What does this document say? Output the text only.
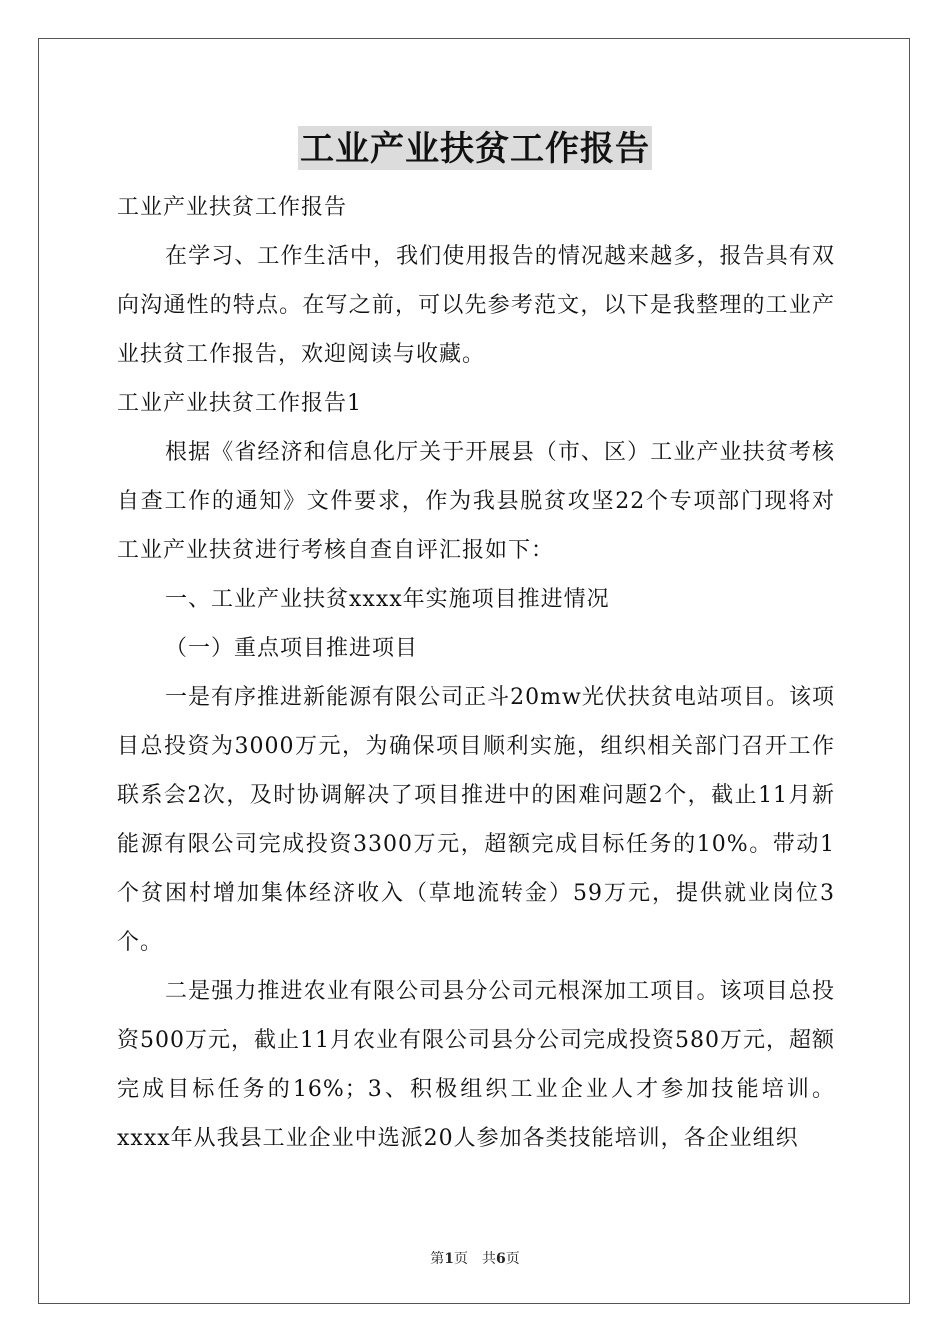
工业产业扶贫工作报告

工业产业扶贫工作报告

在学习、工作生活中，我们使用报告的情况越来越多，报告具有双向沟通性的特点。在写之前，可以先参考范文，以下是我整理的工业产业扶贫工作报告，欢迎阅读与收藏。

工业产业扶贫工作报告1

根据《省经济和信息化厅关于开展县（市、区）工业产业扶贫考核自查工作的通知》文件要求，作为我县脱贫攻坚22个专项部门现将对工业产业扶贫进行考核自查自评汇报如下：

一、工业产业扶贫xxxx年实施项目推进情况

（一）重点项目推进项目

一是有序推进新能源有限公司正斗20mw光伏扶贫电站项目。该项目总投资为3000万元，为确保项目顺利实施，组织相关部门召开工作联系会2次，及时协调解决了项目推进中的困难问题2个，截止11月新能源有限公司完成投资3300万元，超额完成目标任务的10%。带动1个贫困村增加集体经济收入（草地流转金）59万元，提供就业岗位3个。

二是强力推进农业有限公司县分公司元根深加工项目。该项目总投资500万元，截止11月农业有限公司县分公司完成投资580万元，超额完成目标任务的16%；3、积极组织工业企业人才参加技能培训。xxxx年从我县工业企业中选派20人参加各类技能培训，各企业组织

第1页　共6页
